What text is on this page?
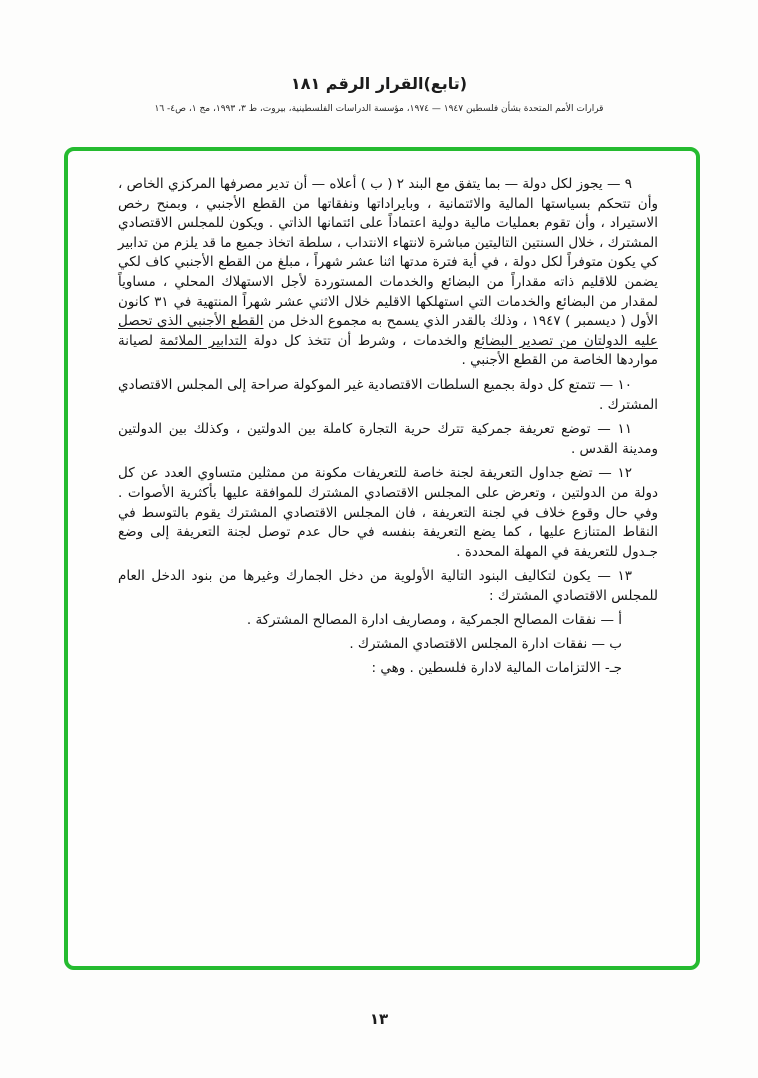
(تابع)القرار الرقم ١٨١
قرارات الأمم المتحدة بشأن فلسطين ١٩٤٧ — ١٩٧٤، مؤسسة الدراسات الفلسطينية، بيروت، ط ٣، ١٩٩٣، مج ١، ص٤- ١٦

٩ — يجوز لكل دولة — بما يتفق مع البند ٢ ( ب ) أعلاه — أن تدير مصرفها المركزي الخاص ، وأن تتحكم بسياستها المالية والائتمانية ، وبايراداتها ونفقاتها من القطع الأجنبي ، وبمنح رخص الاستيراد ، وأن تقوم بعمليات مالية دولية اعتماداً على ائتمانها الذاتي . ويكون للمجلس الاقتصادي المشترك ، خلال السنتين التاليتين مباشرة لانتهاء الانتداب ، سلطة اتخاذ جميع ما قد يلزم من تدابير كي يكون متوفراً لكل دولة ، في أية فترة مدتها اثنا عشر شهراً ، مبلغ من القطع الأجنبي كاف لكي يضمن للاقليم ذاته مقداراً من البضائع والخدمات المستوردة لأجل الاستهلاك المحلي ، مساوياً لمقدار من البضائع والخدمات التي استهلكها الاقليم خلال الاثني عشر شهراً المنتهية في ٣١ كانون الأول ( ديسمبر ) ١٩٤٧ ، وذلك بالقدر الذي يسمح به مجموع الدخل من القطع الأجنبي الذي تحصل عليه الدولتان من تصدير البضائع والخدمات ، وشرط أن تتخذ كل دولة التدابير الملائمة لصيانة مواردها الخاصة من القطع الأجنبي .

١٠ — تتمتع كل دولة بجميع السلطات الاقتصادية غير الموكولة صراحة إلى المجلس الاقتصادي المشترك .

١١ — توضع تعريفة جمركية تترك حرية التجارة كاملة بين الدولتين ، وكذلك بين الدولتين ومدينة القدس .

١٢ — تضع جداول التعريفة لجنة خاصة للتعريفات مكونة من ممثلين متساوي العدد عن كل دولة من الدولتين ، وتعرض على المجلس الاقتصادي المشترك للموافقة عليها بأكثرية الأصوات . وفي حال وقوع خلاف في لجنة التعريفة ، فان المجلس الاقتصادي المشترك يقوم بالتوسط في النقاط المتنازع عليها ، كما يضع التعريفة بنفسه في حال عدم توصل لجنة التعريفة إلى وضع جـدول للتعريفة في المهلة المحددة .

١٣ — يكون لتكاليف البنود التالية الأولوية من دخل الجمارك وغيرها من بنود الدخل العام للمجلس الاقتصادي المشترك :

أ — نفقات المصالح الجمركية ، ومصاريف ادارة المصالح المشتركة .

ب — نفقات ادارة المجلس الاقتصادي المشترك .

جـ- الالتزامات المالية لادارة فلسطين . وهي :

١٣
